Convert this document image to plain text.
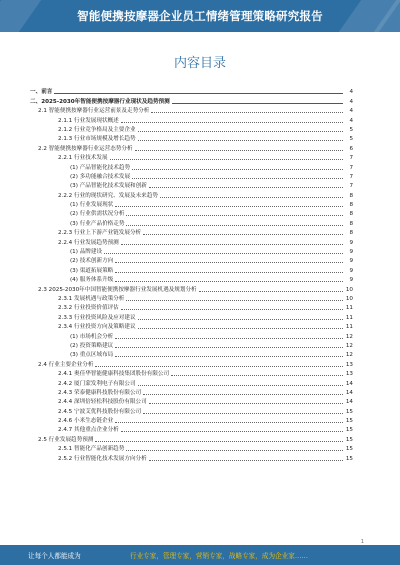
智能便携按摩器企业员工情绪管理策略研究报告
内容目录
一、前言	4
二、2025-2030年智能便携按摩器行业现状及趋势预测	4
2.1 智能便携按摩器行业运营前景及走势分析	4
2.1.1 行业发展现状概述	4
2.1.2 行业竞争格局及主要企业	5
2.1.3 行业市场规模及增长趋势	5
2.2 智能便携按摩器行业运营态势分析	6
2.2.1 行业技术发展	7
(1) 产品智能化技术趋势	7
(2) 多功能融合技术发展	7
(3) 产品智能化技术发展和创新	7
2.2.2 行业的现状研究、发展及未来趋势	8
(1) 行业发展现状	8
(2) 行业供需状况分析	8
(3) 行业产品价格走势	8
2.2.3 行业上下游产业链发展分析	8
2.2.4 行业发展趋势预测	9
(1) 品牌建设	9
(2) 技术创新方向	9
(3) 渠道拓展策略	9
(4) 服务体系升级	9
2.3 2025-2030年中国智能便携按摩器行业发展机遇及规划分析	10
2.3.1 发展机遇与政策分析	10
2.3.2 行业投资价值评估	11
2.3.3 行业投资风险及应对建议	11
2.3.4 行业投资方向及策略建议	11
(1) 市场机会分析	12
(2) 投资策略建议	12
(3) 重点区域布局	12
2.4 行业主要企业分析	13
2.4.1 奥佳华智能健康科技集团股份有限公司	13
2.4.2 厦门蒙发利电子有限公司	14
2.4.3 荣泰健康科技股份有限公司	14
2.4.4 深圳倍轻松科技股份有限公司	14
2.4.5 宁波艾优科技股份有限公司	15
2.4.6 小米生态链企业	15
2.4.7 其他重点企业分析	15
2.5 行业发展趋势预测	15
2.5.1 智能化产品创新趋势	15
2.5.2 行业智能化技术发展方向分析	15
1
让每个人都能成为	行业专家，管理专家，营销专家，战略专家，成为企业家……
